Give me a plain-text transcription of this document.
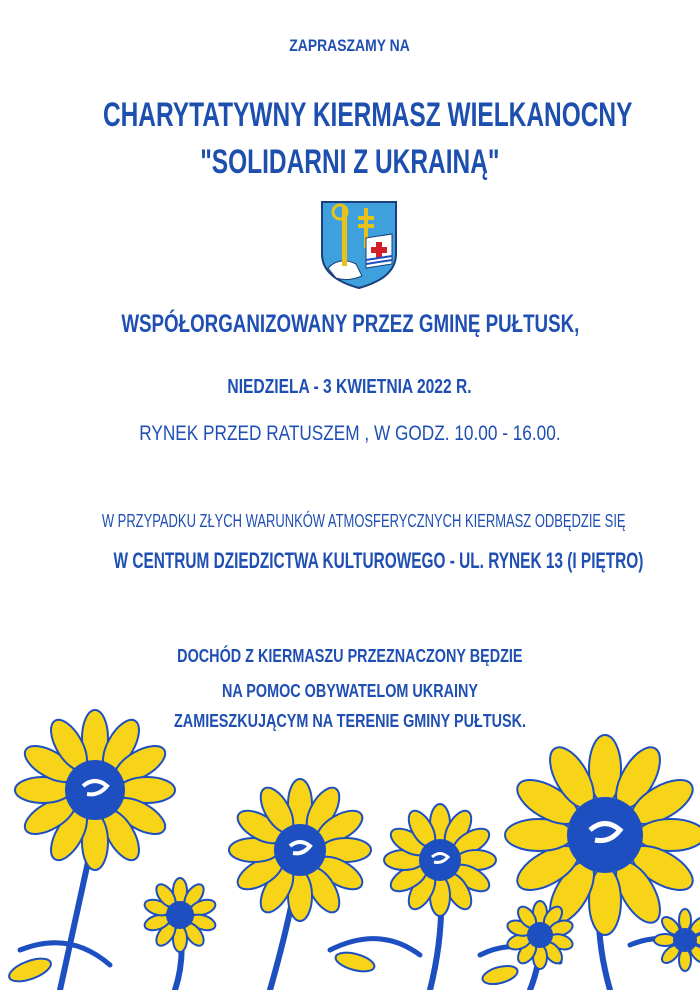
ZAPRASZAMY NA
CHARYTATYWNY KIERMASZ WIELKANOCNY
"SOLIDARNI Z UKRAINĄ"
WSPÓŁORGANIZOWANY PRZEZ GMINĘ PUŁTUSK,
NIEDZIELA - 3 KWIETNIA 2022 R.
RYNEK PRZED RATUSZEM , W GODZ. 10.00 - 16.00.
W PRZYPADKU ZŁYCH WARUNKÓW ATMOSFERYCZNYCH KIERMASZ ODBĘDZIE SIĘ
W CENTRUM DZIEDZICTWA KULTUROWEGO - UL. RYNEK 13 (I PIĘTRO)
DOCHÓD Z KIERMASZU PRZEZNACZONY BĘDZIE
NA POMOC OBYWATELOM UKRAINY
ZAMIESZKUJĄCYM NA TERENIE GMINY PUŁTUSK.
